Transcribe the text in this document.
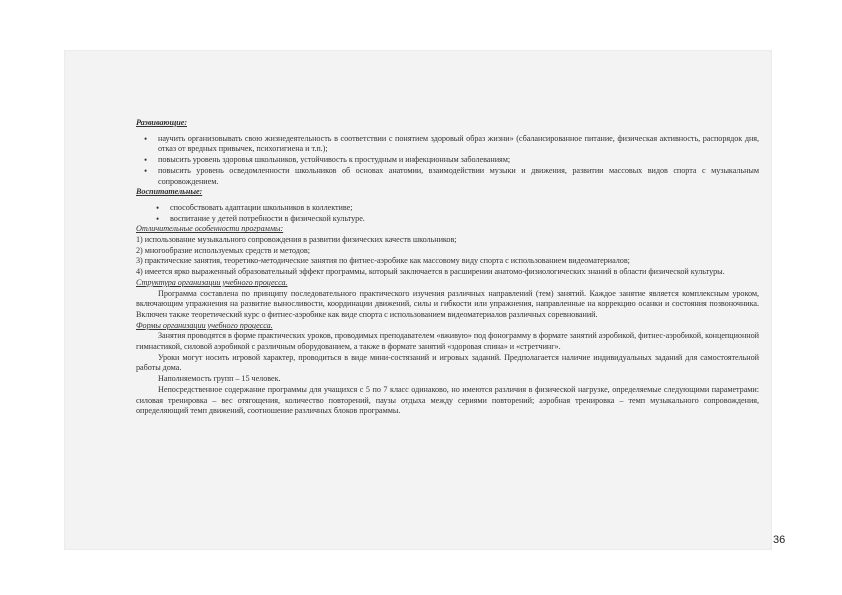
Развивающие:

• научить организовывать свою жизнедеятельность в соответствии с понятием здоровый образ жизни» (сбалансированное питание, физическая активность, распорядок дня, отказ от вредных привычек, психогигиена и т.п.);
• повысить уровень здоровья школьников, устойчивость к простудным и инфекционным заболеваниям;
• повысить уровень осведомленности школьников об основах анатомии, взаимодействии музыки и движения, развитии массовых видов спорта с музыкальным сопровождением.

Воспитательные:

• способствовать адаптации школьников в коллективе;
• воспитание у детей потребности в физической культуре.

Отличительные особенности программы:

1) использование музыкального сопровождения в развитии физических качеств школьников;

2) многообразие используемых средств и методов;

3) практические занятия, теоретико-методические занятия по фитнес-аэробике как массовому виду спорта с использованием видеоматериалов;

4) имеется ярко выраженный образовательный эффект программы, который заключается в расширении анатомо-физиологических знаний в области физической культуры.

Структура организации учебного процесса.

Программа составлена по принципу последовательного практического изучения различных направлений (тем) занятий. Каждое занятие является комплексным уроком, включающим упражнения на развитие выносливости, координации движений, силы и гибкости или упражнения, направленные на коррекцию осанки и состояния позвоночника. Включен также теоретический курс о фитнес-аэробике как виде спорта с использованием видеоматериалов различных соревнований.

Формы организации учебного процесса.

Занятия проводятся в форме практических уроков, проводимых преподавателем «вживую» под фонограмму в формате занятий аэробикой, фитнес-аэробикой, концепционной гимнастикой, силовой аэробикой с различным оборудованием, а также в формате занятий «здоровая спина» и «стретчинг».

Уроки могут носить игровой характер, проводиться в виде мини-состязаний и игровых заданий. Предполагается наличие индивидуальных заданий для самостоятельной работы дома.

Наполняемость групп – 15 человек.

Непосредственное содержание программы для учащихся с 5 по 7 класс одинаково, но имеются различия в физической нагрузке, определяемые следующими параметрами: силовая тренировка – вес отягощения, количество повторений, паузы отдыха между сериями повторений; аэробная тренировка – темп музыкального сопровождения, определяющий темп движений, соотношение различных блоков программы.

36
